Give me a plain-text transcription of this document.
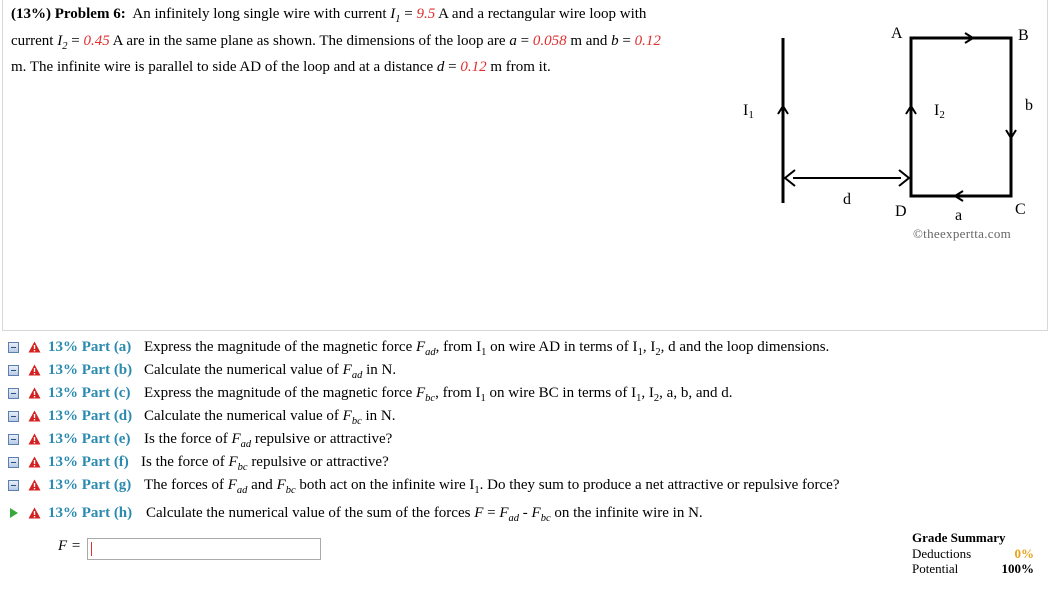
(13%) Problem 6: An infinitely long single wire with current $I_1 = 9.5$ A and a rectangular wire loop with current $I_2 = 0.45$ A are in the same plane as shown. The dimensions of the loop are a = 0.058 m and b = 0.12 m. The infinite wire is parallel to side AD of the loop and at a distance d = 0.12 m from it.
A	B
C
D	a
b
d
I1	I2
©theexpertta.com
13% Part (a) Express the magnitude of the magnetic force $F_{ad}$, from $I_1$ on wire AD in terms of $I_1$, $I_2$, d and the loop dimensions.
13% Part (b) Calculate the numerical value of $F_{ad}$ in N.
13% Part (c) Express the magnitude of the magnetic force $F_{bc}$, from $I_1$ on wire BC in terms of $I_1$, $I_2$, a, b, and d.
13% Part (d) Calculate the numerical value of $F_{bc}$ in N.
13% Part (e) Is the force of $F_{ad}$ repulsive or attractive?
13% Part (f) Is the force of $F_{bc}$ repulsive or attractive?
13% Part (g) The forces of $F_{ad}$ and $F_{bc}$ both act on the infinite wire $I_1$. Do they sum to produce a net attractive or repulsive force?
13% Part (h) Calculate the numerical value of the sum of the forces $F = F_{ad} - F_{bc}$ on the infinite wire in N.
F =
Grade Summary
Deductions	0%
Potential	100%
